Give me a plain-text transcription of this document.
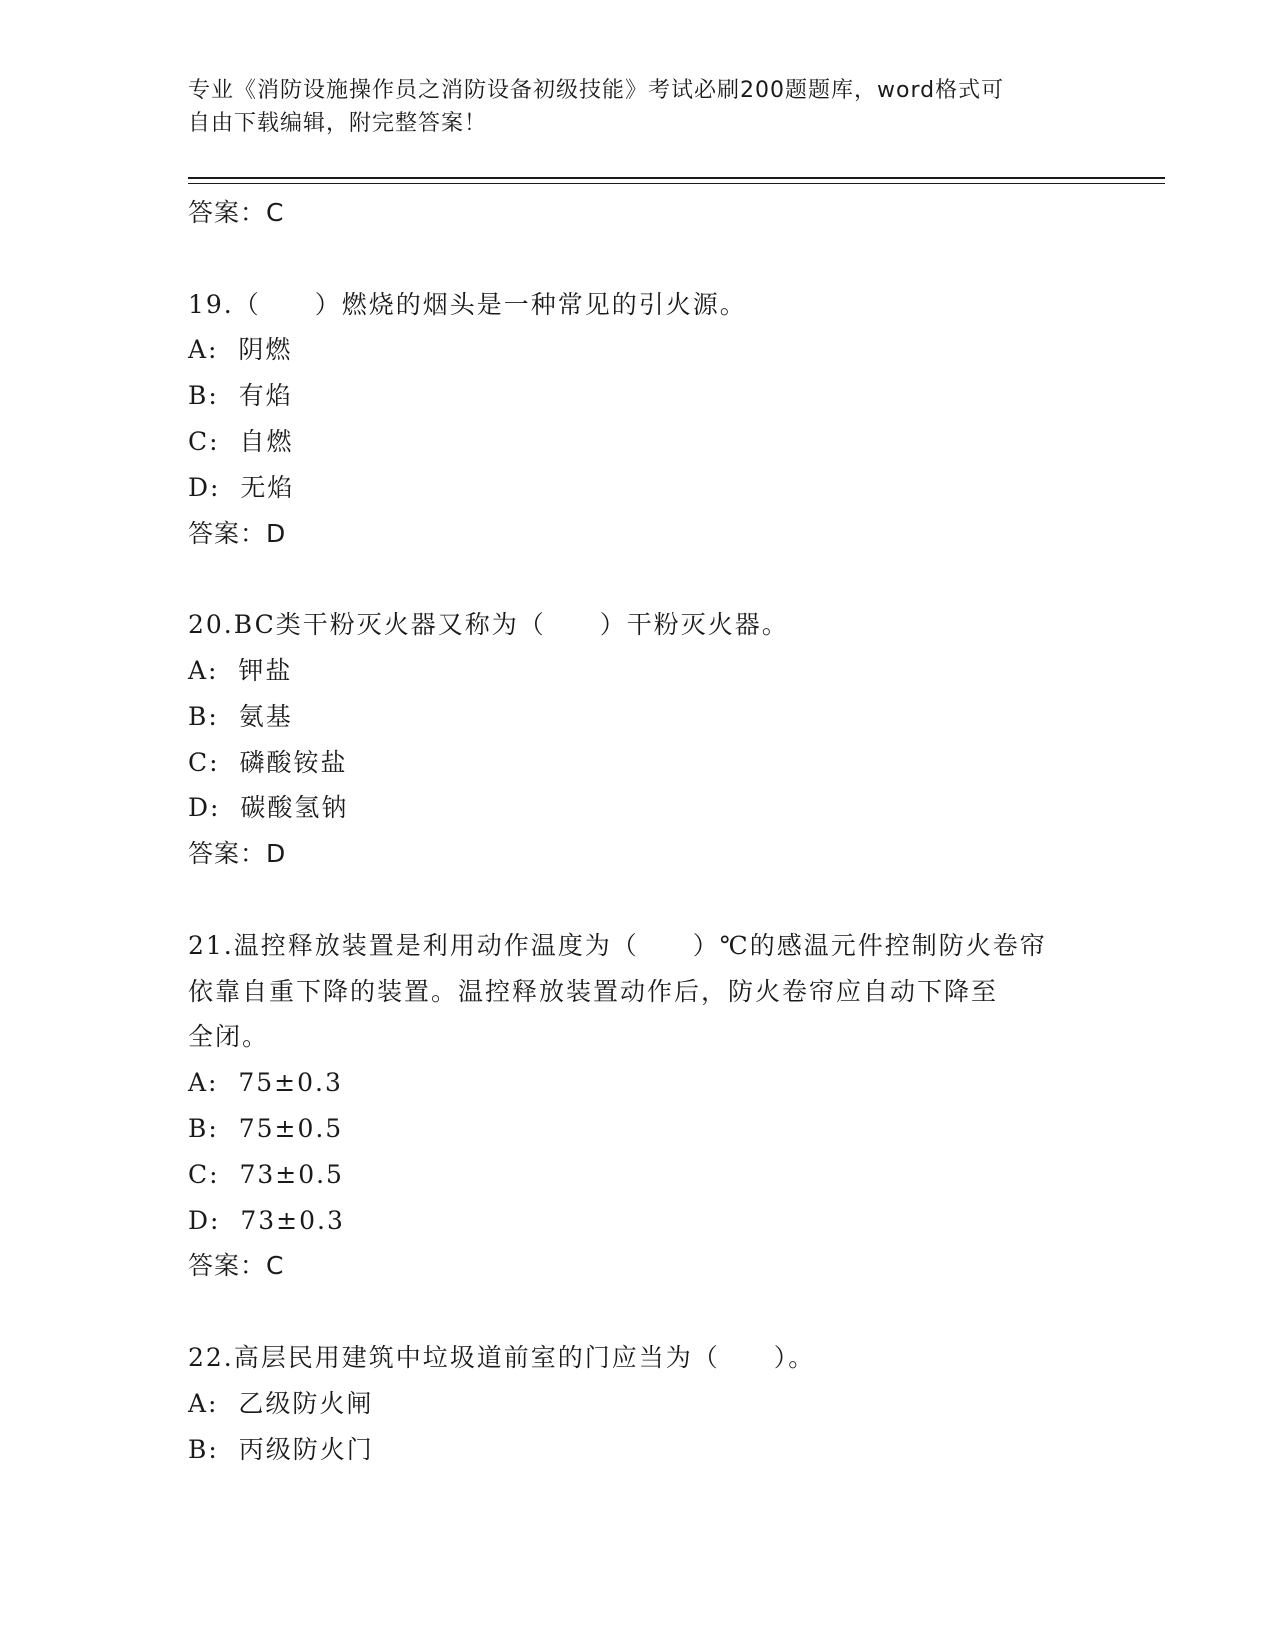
专业《消防设施操作员之消防设备初级技能》考试必刷200题题库，word格式可
自由下载编辑，附完整答案！
答案：C
19.（　　）燃烧的烟头是一种常见的引火源。
A:  阴燃
B:  有焰
C:  自燃
D:  无焰
答案：D
20.BC类干粉灭火器又称为（　　）干粉灭火器。
A:  钾盐
B:  氨基
C:  磷酸铵盐
D:  碳酸氢钠
答案：D
21.温控释放装置是利用动作温度为（　　）℃的感温元件控制防火卷帘
依靠自重下降的装置。温控释放装置动作后，防火卷帘应自动下降至
全闭。
A:  75±0.3
B:  75±0.5
C:  73±0.5
D:  73±0.3
答案：C
22.高层民用建筑中垃圾道前室的门应当为（　　）。
A:  乙级防火闸
B:  丙级防火门
